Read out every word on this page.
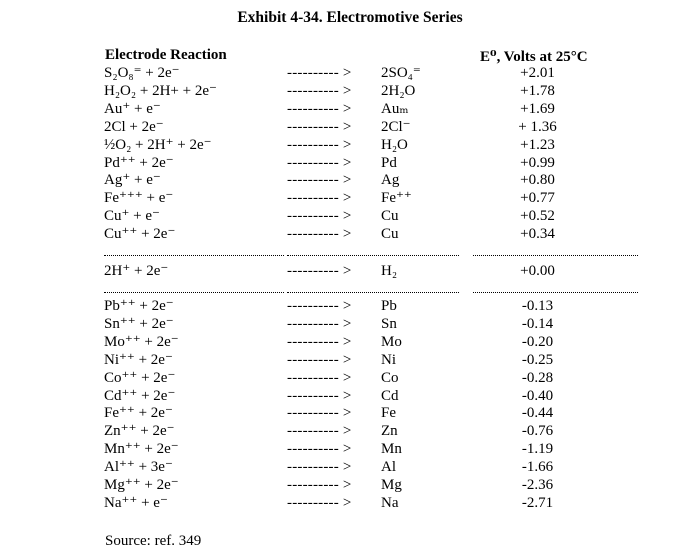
Exhibit 4-34. Electromotive Series
Electrode Reaction	E⁰, Volts at 25°C
S₂O₈⁼ + 2e⁻	---------- > 2SO₄⁼	+2.01
H₂O₂ + 2H+ + 2e⁻	---------- > 2H₂O	+1.78
Au⁺ + e⁻	---------- > Auₘ	+1.69
2Cl + 2e⁻	---------- > 2Cl⁻	+ 1.36
½O₂ + 2H⁺ + 2e⁻	---------- > H₂O	+1.23
Pd⁺⁺ + 2e⁻	---------- > Pd	+0.99
Ag⁺ + e⁻	---------- > Ag	+0.80
Fe⁺⁺⁺ + e⁻	---------- > Fe⁺⁺	+0.77
Cu⁺ + e⁻	---------- > Cu	+0.52
Cu⁺⁺ + 2e⁻	---------- > Cu	+0.34
2H⁺ + 2e⁻	---------- > H₂	+0.00
Pb⁺⁺ + 2e⁻	---------- > Pb	-0.13
Sn⁺⁺ + 2e⁻	---------- > Sn	-0.14
Mo⁺⁺ + 2e⁻	---------- > Mo	-0.20
Ni⁺⁺ + 2e⁻	---------- > Ni	-0.25
Co⁺⁺ + 2e⁻	---------- > Co	-0.28
Cd⁺⁺ + 2e⁻	---------- > Cd	-0.40
Fe⁺⁺ + 2e⁻	---------- > Fe	-0.44
Zn⁺⁺ + 2e⁻	---------- > Zn	-0.76
Mn⁺⁺ + 2e⁻	---------- > Mn	-1.19
Al⁺⁺ + 3e⁻	---------- > Al	-1.66
Mg⁺⁺ + 2e⁻	---------- > Mg	-2.36
Na⁺⁺ + e⁻	---------- > Na	-2.71
Source: ref. 349
